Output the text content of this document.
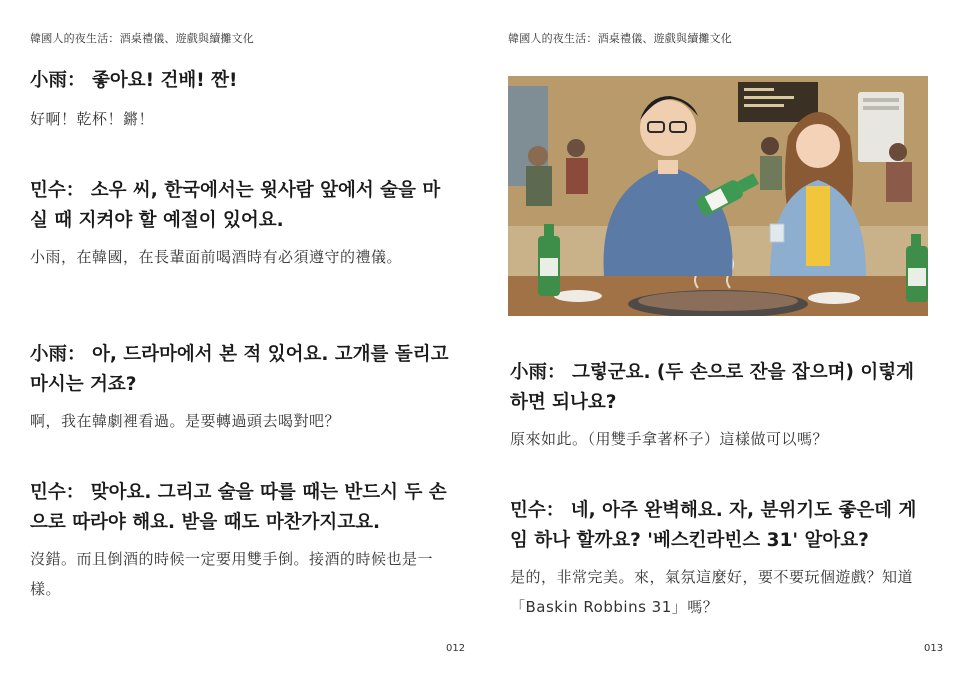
韓國人的夜生活：酒桌禮儀、遊戲與續攤文化

小雨： 좋아요! 건배! 짠!

好啊！乾杯！鏘！

민수： 소우 씨, 한국에서는 윗사람 앞에서 술을 마실 때 지켜야 할 예절이 있어요.

小雨，在韓國，在長輩面前喝酒時有必須遵守的禮儀。

小雨： 아, 드라마에서 본 적 있어요. 고개를 돌리고 마시는 거죠?

啊，我在韓劇裡看過。是要轉過頭去喝對吧？

민수： 맞아요. 그리고 술을 따를 때는 반드시 두 손으로 따라야 해요. 받을 때도 마찬가지고요.

沒錯。而且倒酒的時候一定要用雙手倒。接酒的時候也是一樣。

012
韓國人的夜生活：酒桌禮儀、遊戲與續攤文化

小雨： 그렇군요. (두 손으로 잔을 잡으며) 이렇게 하면 되나요?

原來如此。（用雙手拿著杯子）這樣做可以嗎？

민수： 네, 아주 완벽해요. 자, 분위기도 좋은데 게임 하나 할까요? '베스킨라빈스 31' 알아요?

是的，非常完美。來，氣氛這麼好，要不要玩個遊戲？知道「Baskin Robbins 31」嗎？

013
